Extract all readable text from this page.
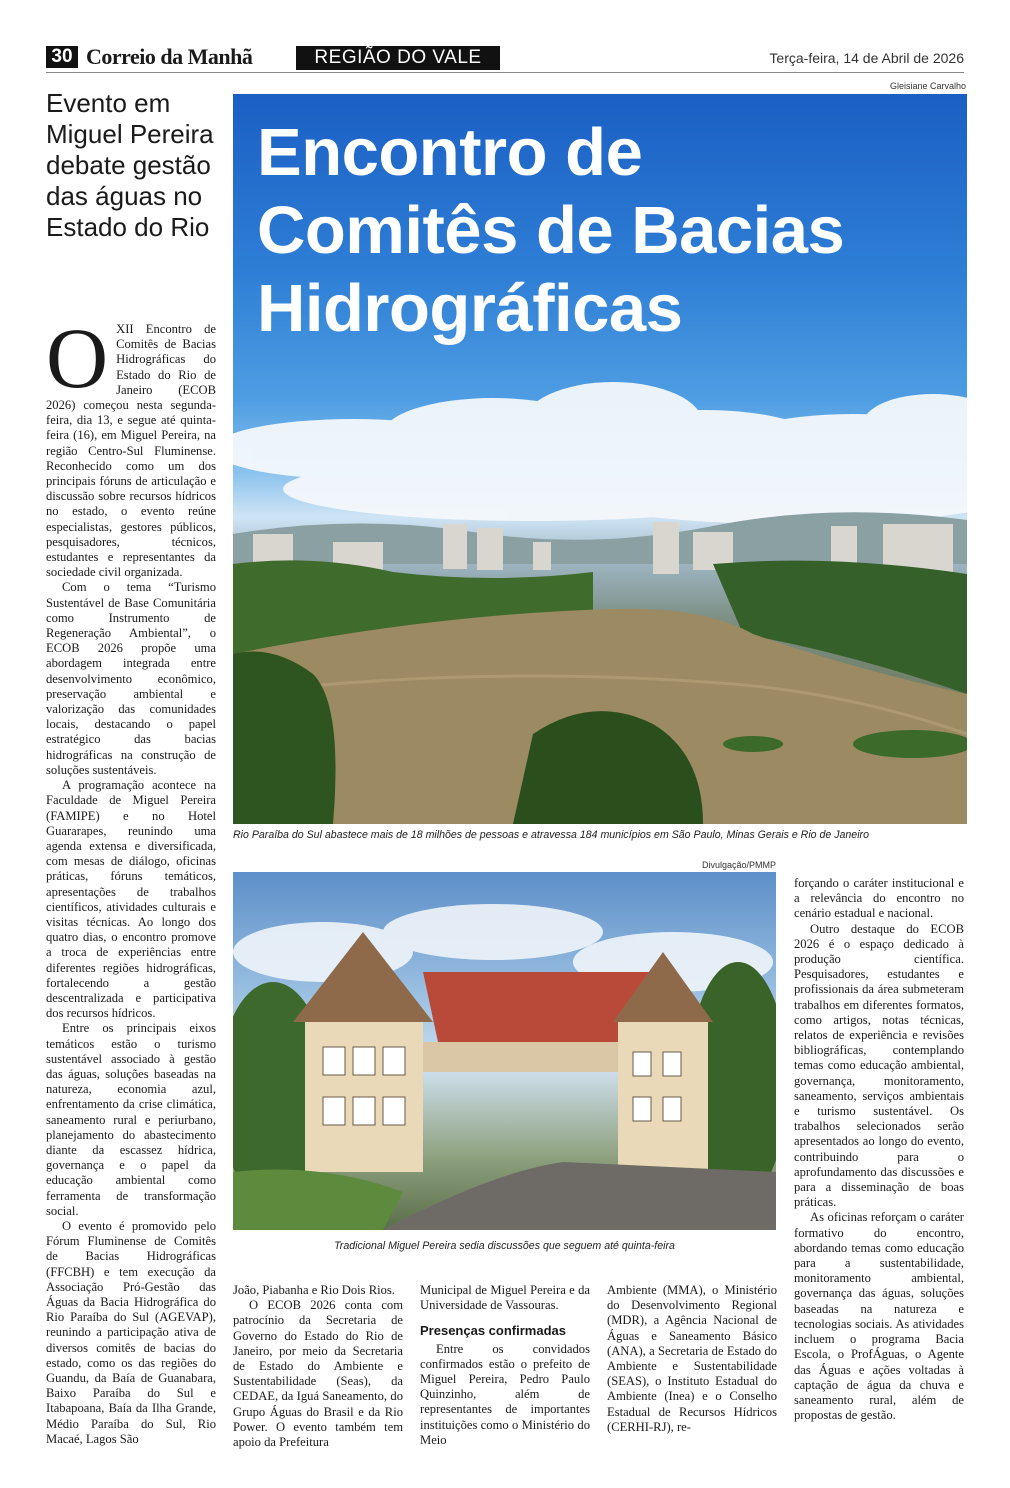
30 Correio da Manhã	REGIÃO DO VALE	Terça-feira, 14 de Abril de 2026
Evento em Miguel Pereira debate gestão das águas no Estado do Rio
Gleisiane Carvalho
Encontro de
Comitês de Bacias
Hidrográficas
Rio Paraíba do Sul abastece mais de 18 milhões de pessoas e atravessa 184 municípios em São Paulo, Minas Gerais e Rio de Janeiro
Divulgação/PMMP
Tradicional Miguel Pereira sedia discussões que seguem até quinta-feira

OXII Encontro de Comitês de Bacias Hidrográficas do Estado do Rio de Janeiro (ECOB 2026) começou nesta segunda-feira, dia 13, e segue até quinta-feira (16), em Miguel Pereira, na região Centro-Sul Fluminense. Reconhecido como um dos principais fóruns de articulação e discussão sobre recursos hídricos no estado, o evento reúne especialistas, gestores públicos, pesquisadores, técnicos, estudantes e representantes da sociedade civil organizada.

Com o tema “Turismo Sustentável de Base Comunitária como Instrumento de Regeneração Ambiental”, o ECOB 2026 propõe uma abordagem integrada entre desenvolvimento econômico, preservação ambiental e valorização das comunidades locais, destacando o papel estratégico das bacias hidrográficas na construção de soluções sustentáveis.

A programação acontece na Faculdade de Miguel Pereira (FAMIPE) e no Hotel Guararapes, reunindo uma agenda extensa e diversificada, com mesas de diálogo, oficinas práticas, fóruns temáticos, apresentações de trabalhos científicos, atividades culturais e visitas técnicas. Ao longo dos quatro dias, o encontro promove a troca de experiências entre diferentes regiões hidrográficas, fortalecendo a gestão descentralizada e participativa dos recursos hídricos.

Entre os principais eixos temáticos estão o turismo sustentável associado à gestão das águas, soluções baseadas na natureza, economia azul, enfrentamento da crise climática, saneamento rural e periurbano, planejamento do abastecimento diante da escassez hídrica, governança e o papel da educação ambiental como ferramenta de transformação social.

O evento é promovido pelo Fórum Fluminense de Comitês de Bacias Hidrográficas (FFCBH) e tem execução da Associação Pró-Gestão das Águas da Bacia Hidrográfica do Rio Paraíba do Sul (AGEVAP), reunindo a participação ativa de diversos comitês de bacias do estado, como os das regiões do Guandu, da Baía de Guanabara, Baixo Paraíba do Sul e Itabapoana, Baía da Ilha Grande, Médio Paraíba do Sul, Rio Macaé, Lagos São

João, Piabanha e Rio Dois Rios.

O ECOB 2026 conta com patrocínio da Secretaria de Governo do Estado do Rio de Janeiro, por meio da Secretaria de Estado do Ambiente e Sustentabilidade (Seas), da CEDAE, da Iguá Saneamento, do Grupo Águas do Brasil e da Rio Power. O evento também tem apoio da Prefeitura

Municipal de Miguel Pereira e da Universidade de Vassouras.

Presenças confirmadas

Entre os convidados confirmados estão o prefeito de Miguel Pereira, Pedro Paulo Quinzinho, além de representantes de importantes instituições como o Ministério do Meio

Ambiente (MMA), o Ministério do Desenvolvimento Regional (MDR), a Agência Nacional de Águas e Saneamento Básico (ANA), a Secretaria de Estado do Ambiente e Sustentabilidade (SEAS), o Instituto Estadual do Ambiente (Inea) e o Conselho Estadual de Recursos Hídricos (CERHI-RJ), re-

forçando o caráter institucional e a relevância do encontro no cenário estadual e nacional.

Outro destaque do ECOB 2026 é o espaço dedicado à produção científica. Pesquisadores, estudantes e profissionais da área submeteram trabalhos em diferentes formatos, como artigos, notas técnicas, relatos de experiência e revisões bibliográficas, contemplando temas como educação ambiental, governança, monitoramento, saneamento, serviços ambientais e turismo sustentável. Os trabalhos selecionados serão apresentados ao longo do evento, contribuindo para o aprofundamento das discussões e para a disseminação de boas práticas.

As oficinas reforçam o caráter formativo do encontro, abordando temas como educação para a sustentabilidade, monitoramento ambiental, governança das águas, soluções baseadas na natureza e tecnologias sociais. As atividades incluem o programa Bacia Escola, o ProfÁguas, o Agente das Águas e ações voltadas à captação de água da chuva e saneamento rural, além de propostas de gestão.
